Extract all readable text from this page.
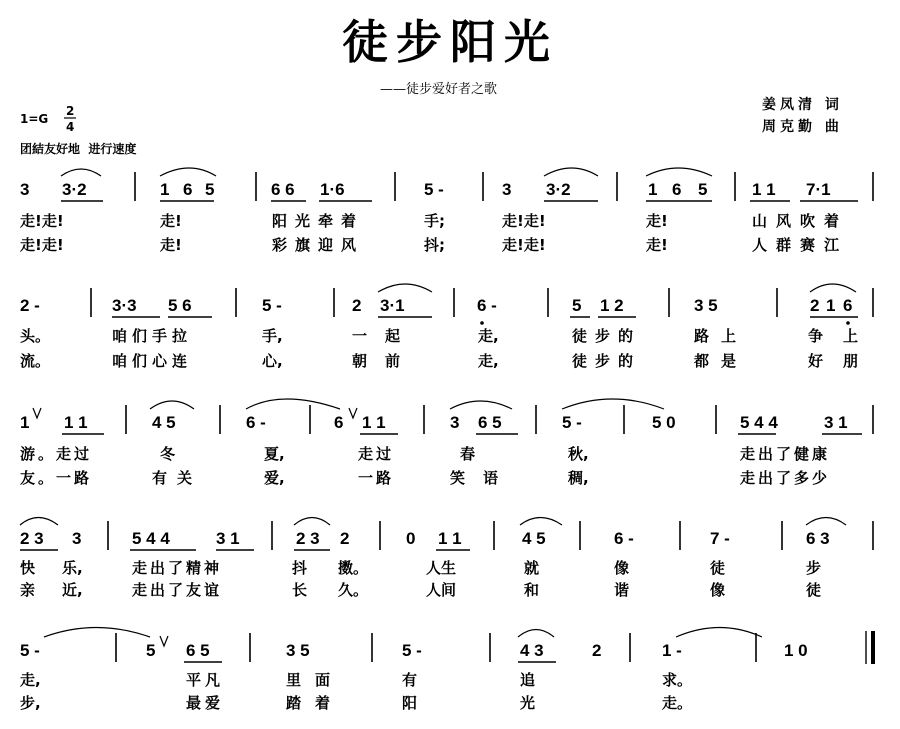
徒步阳光
——徒步爱好者之歌
1=G
2
4
团結友好地  进行速度
姜凤清 词
周克勤 曲
3 3·2	1 6 5	6 6 1·6	5 -	3 3·2	1 6 5	1 1 7·1
走!走!	走!	阳光牵着	手;	走!走!	走!	山风吹着
走!走!	走!	彩旗迎风	抖;	走!走!	走!	人群赛江
2 -	3·3 5 6	5 -	2 3·1	6 -	5 1 2	3 5	2 1 6
头。	咱们手拉	手,	一起	走,	徒步的	路上	争 上
流。	咱们心连	心,	朝前	走,	徒步的	都是	好 朋
1 1 1	4 5	6 -	6 1 1	3 6 5	5 -	5 0	5 4 4	3 1
游。走过	冬	夏,	走过	春	秋,	走出了健康
友。一路	有关	爱,	一路	笑语	稠,	走出了多少
2 3 3	5 4 4	3 1	2 3 2	0 1 1	4 5	6 -	7 -	6 3
快 乐,	走出了精神	抖 擞。	人生	就	像	徒	步
亲 近,	走出了友谊	长 久。	人间	和	谐	像	徒
5 -	5 6 5	3 5	5 -	4 3	2	1 -	1 0
走,	平凡	里面	有	追	求。
步,	最爱	踏着	阳	光	走。
